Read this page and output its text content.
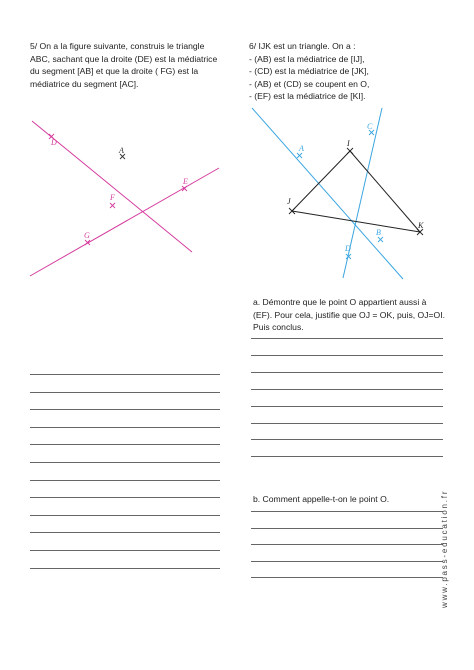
5/ On a la figure suivante, construis le triangle
ABC, sachant que la droite (DE) est la médiatrice
du segment [AB] et que la droite ( FG) est la
médiatrice du segment [AC].
6/ IJK est un triangle. On a :
- (AB) est la médiatrice de [IJ],
- (CD) est la médiatrice de [JK],
- (AB) et (CD) se coupent en O,
- (EF) est la médiatrice de [KI].
D
A
E
F
G
A
B
C
D
I
J
K
a. Démontre que le point O appartient aussi à
(EF). Pour cela, justifie que OJ = OK, puis, OJ=OI.
Puis conclus.
b. Comment appelle-t-on le point O.	www.pass-education.fr
